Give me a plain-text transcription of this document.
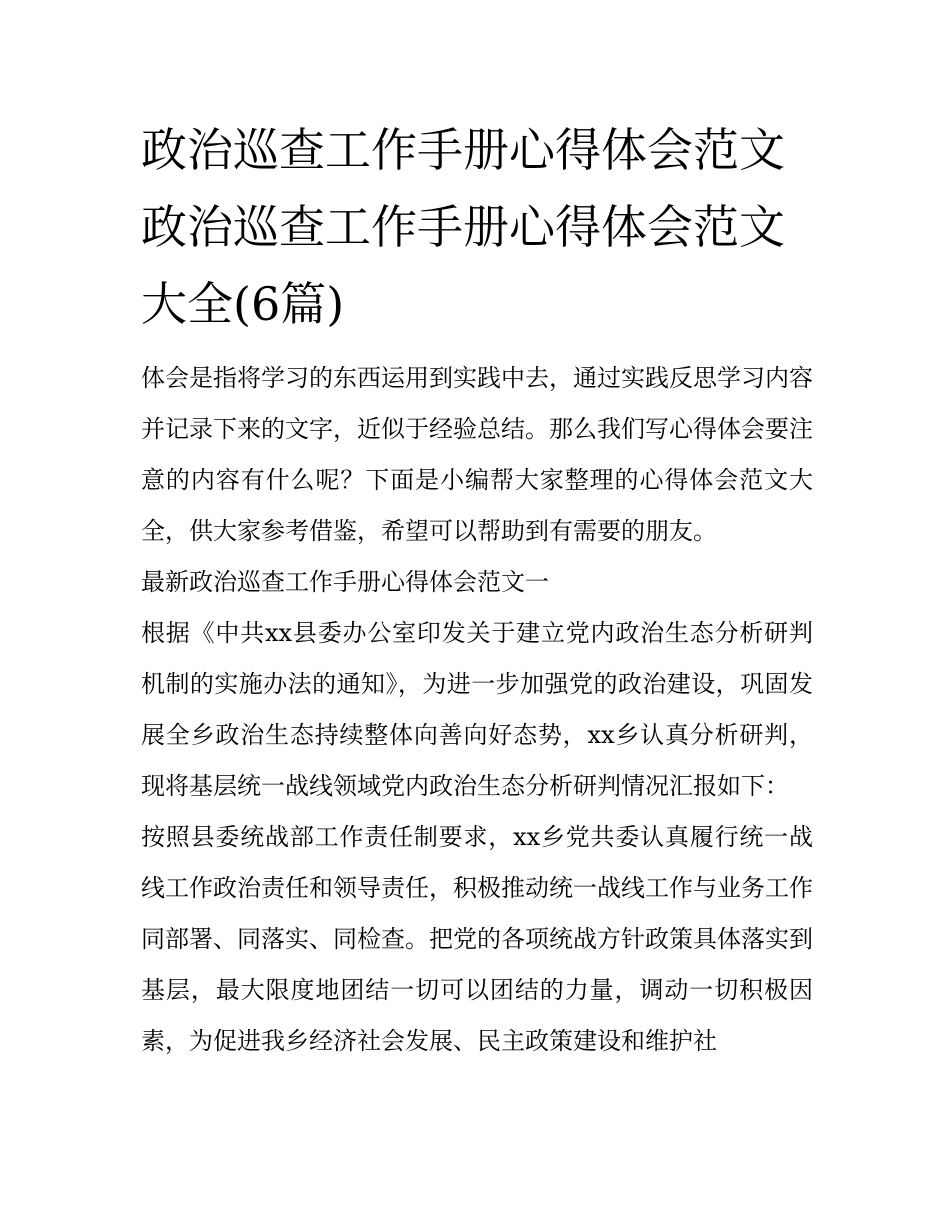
政治巡查工作手册心得体会范文 政治巡查工作手册心得体会范文大全(6篇)

体会是指将学习的东西运用到实践中去，通过实践反思学习内容并记录下来的文字，近似于经验总结。那么我们写心得体会要注意的内容有什么呢？下面是小编帮大家整理的心得体会范文大全，供大家参考借鉴，希望可以帮助到有需要的朋友。

最新政治巡查工作手册心得体会范文一

根据《中共xx县委办公室印发关于建立党内政治生态分析研判机制的实施办法的通知》，为进一步加强党的政治建设，巩固发展全乡政治生态持续整体向善向好态势，xx乡认真分析研判，现将基层统一战线领域党内政治生态分析研判情况汇报如下：

按照县委统战部工作责任制要求，xx乡党共委认真履行统一战线工作政治责任和领导责任，积极推动统一战线工作与业务工作同部署、同落实、同检查。把党的各项统战方针政策具体落实到基层，最大限度地团结一切可以团结的力量，调动一切积极因素，为促进我乡经济社会发展、民主政策建设和维护社
